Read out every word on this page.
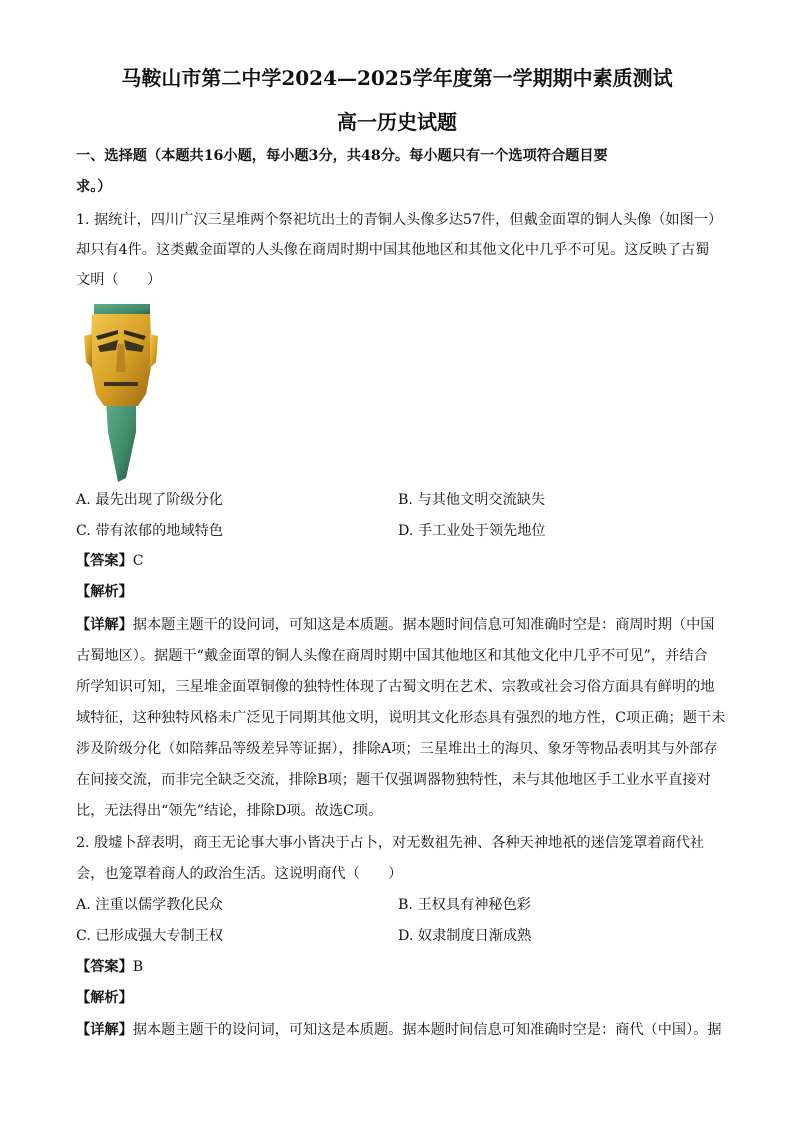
马鞍山市第二中学2024—2025学年度第一学期期中素质测试
高一历史试题
一、选择题（本题共16小题，每小题3分，共48分。每小题只有一个选项符合题目要
求。）
1. 据统计，四川广汉三星堆两个祭祀坑出土的青铜人头像多达57件，但戴金面罩的铜人头像（如图一）
却只有4件。这类戴金面罩的人头像在商周时期中国其他地区和其他文化中几乎不可见。这反映了古蜀
文明（　　）
A. 最先出现了阶级分化	B. 与其他文明交流缺失
C. 带有浓郁的地域特色	D. 手工业处于领先地位
【答案】C
【解析】
【详解】据本题主题干的设问词，可知这是本质题。据本题时间信息可知准确时空是：商周时期（中国
古蜀地区）。据题干“戴金面罩的铜人头像在商周时期中国其他地区和其他文化中几乎不可见”，并结合
所学知识可知，三星堆金面罩铜像的独特性体现了古蜀文明在艺术、宗教或社会习俗方面具有鲜明的地
域特征，这种独特风格未广泛见于同期其他文明，说明其文化形态具有强烈的地方性，C项正确；题干未
涉及阶级分化（如陪葬品等级差异等证据），排除A项；三星堆出土的海贝、象牙等物品表明其与外部存
在间接交流，而非完全缺乏交流，排除B项；题干仅强调器物独特性，未与其他地区手工业水平直接对
比，无法得出“领先”结论，排除D项。故选C项。
2. 殷墟卜辞表明，商王无论事大事小皆决于占卜，对无数祖先神、各种天神地祇的迷信笼罩着商代社
会，也笼罩着商人的政治生活。这说明商代（　　）
A. 注重以儒学教化民众	B. 王权具有神秘色彩
C. 已形成强大专制王权	D. 奴隶制度日渐成熟
【答案】B
【解析】
【详解】据本题主题干的设问词，可知这是本质题。据本题时间信息可知准确时空是：商代（中国）。据
